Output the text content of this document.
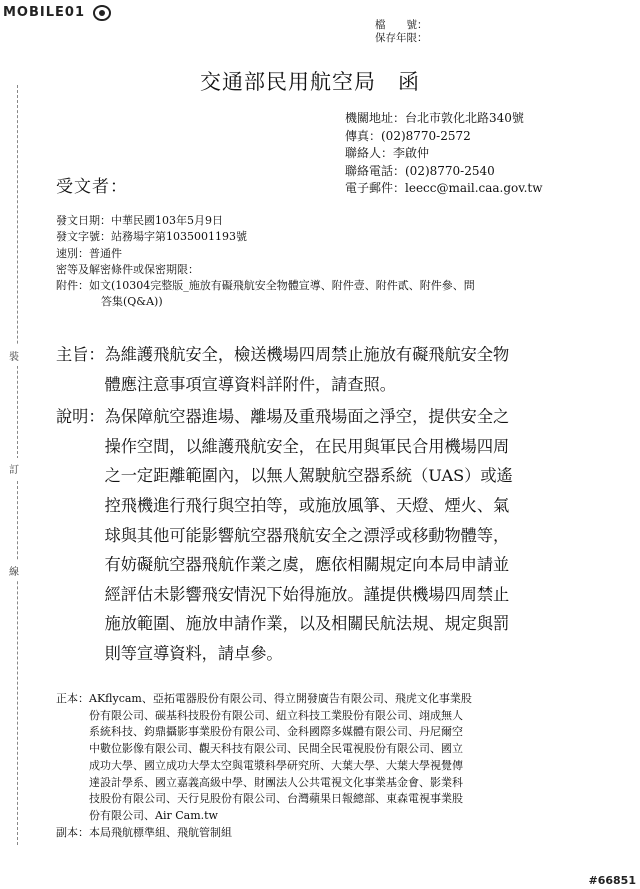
MOBILE01
檔　　號：
保存年限：
交通部民用航空局　函
機關地址：台北市敦化北路340號
傳真：(02)8770-2572
聯絡人：李啟仲
聯絡電話：(02)8770-2540
電子郵件：leecc@mail.caa.gov.tw
受文者：
發文日期：中華民國103年5月9日
發文字號：站務場字第1035001193號
速別：普通件
密等及解密條件或保密期限：
附件：如文(10304完整版_施放有礙飛航安全物體宣導、附件壹、附件貳、附件參、問
答集(Q&A))
主旨： 為維護飛航安全，檢送機場四周禁止施放有礙飛航安全物
體應注意事項宣導資料詳附件，請查照。
說明： 為保障航空器進場、離場及重飛場面之淨空，提供安全之
操作空間，以維護飛航安全，在民用與軍民合用機場四周
之一定距離範圍內，以無人駕駛航空器系統（UAS）或遙
控飛機進行飛行與空拍等，或施放風箏、天燈、煙火、氣
球與其他可能影響航空器飛航安全之漂浮或移動物體等，
有妨礙航空器飛航作業之虞，應依相關規定向本局申請並
經評估未影響飛安情況下始得施放。謹提供機場四周禁止
施放範圍、施放申請作業，以及相關民航法規、規定與罰
則等宣導資料，請卓參。
正本： AKflycam、亞拓電器股份有限公司、得立開發廣告有限公司、飛虎文化事業股
份有限公司、碳基科技股份有限公司、紐立科技工業股份有限公司、翊成無人
系統科技、鈞鼎攝影事業股份有限公司、金科國際多媒體有限公司、丹尼爾空
中數位影像有限公司、觀天科技有限公司、民間全民電視股份有限公司、國立
成功大學、國立成功大學太空與電漿科學研究所、大葉大學、大葉大學視覺傳
達設計學系、國立嘉義高級中學、財團法人公共電視文化事業基金會、影業科
技股份有限公司、天行見股份有限公司、台灣蘋果日報總部、東森電視事業股
份有限公司、Air Cam.tw
副本： 本局飛航標準組、飛航管制組
裝
訂
線
#66851
